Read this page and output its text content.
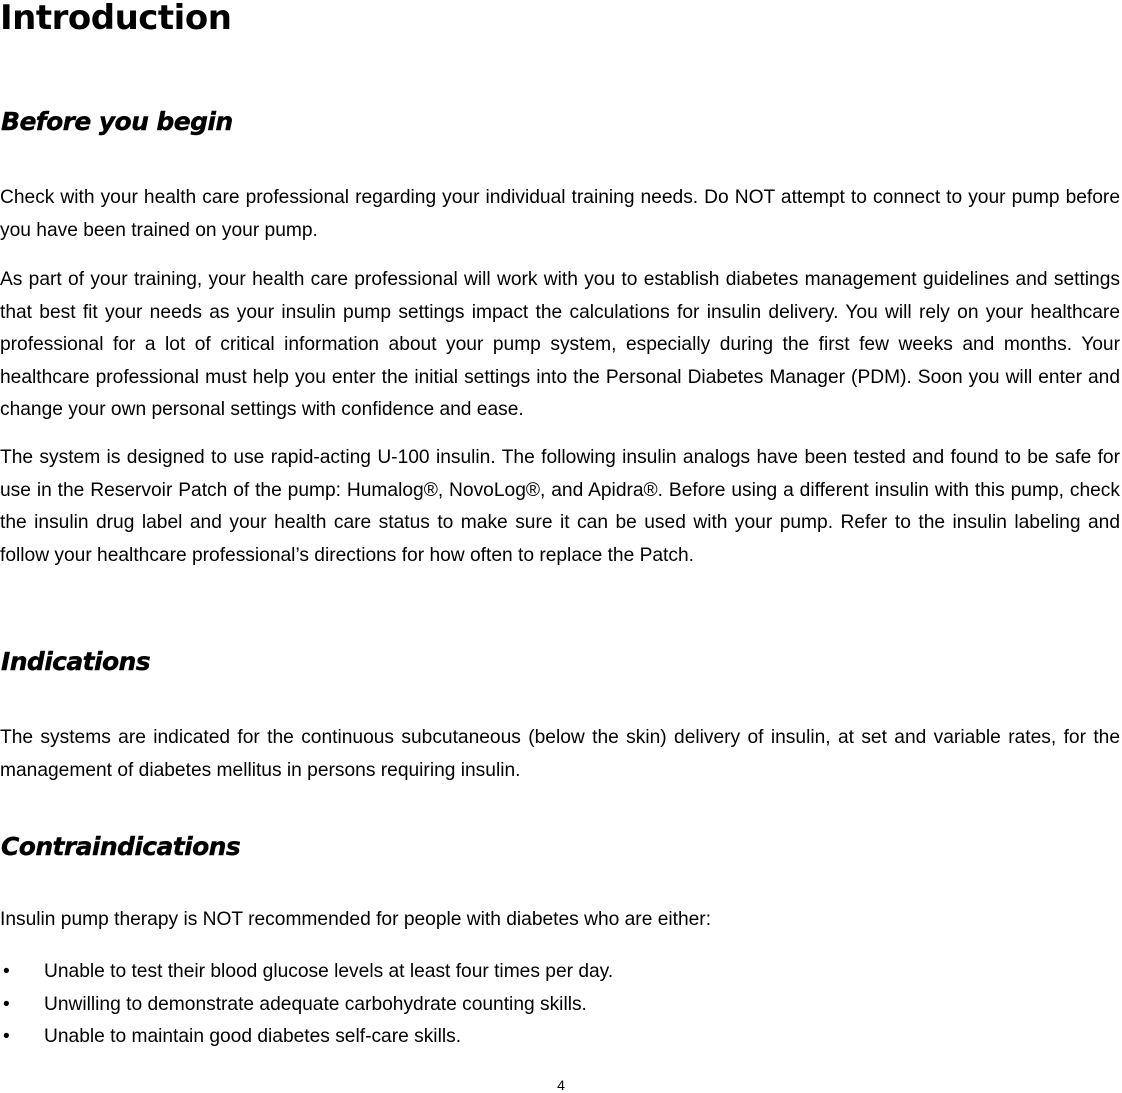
Introduction
Before you begin

Check with your health care professional regarding your individual training needs. Do NOT attempt to connect to your pump before you have been trained on your pump.

As part of your training, your health care professional will work with you to establish diabetes management guidelines and settings that best fit your needs as your insulin pump settings impact the calculations for insulin delivery. You will rely on your healthcare professional for a lot of critical information about your pump system, especially during the first few weeks and months. Your healthcare professional must help you enter the initial settings into the Personal Diabetes Manager (PDM). Soon you will enter and change your own personal settings with confidence and ease.

The system is designed to use rapid-acting U-100 insulin. The following insulin analogs have been tested and found to be safe for use in the Reservoir Patch of the pump: Humalog®, NovoLog®, and Apidra®. Before using a different insulin with this pump, check the insulin drug label and your health care status to make sure it can be used with your pump. Refer to the insulin labeling and follow your healthcare professional’s directions for how often to replace the Patch.

Indications

The systems are indicated for the continuous subcutaneous (below the skin) delivery of insulin, at set and variable rates, for the management of diabetes mellitus in persons requiring insulin.

Contraindications

Insulin pump therapy is NOT recommended for people with diabetes who are either:

• Unable to test their blood glucose levels at least four times per day.
• Unwilling to demonstrate adequate carbohydrate counting skills.
• Unable to maintain good diabetes self-care skills.
4
